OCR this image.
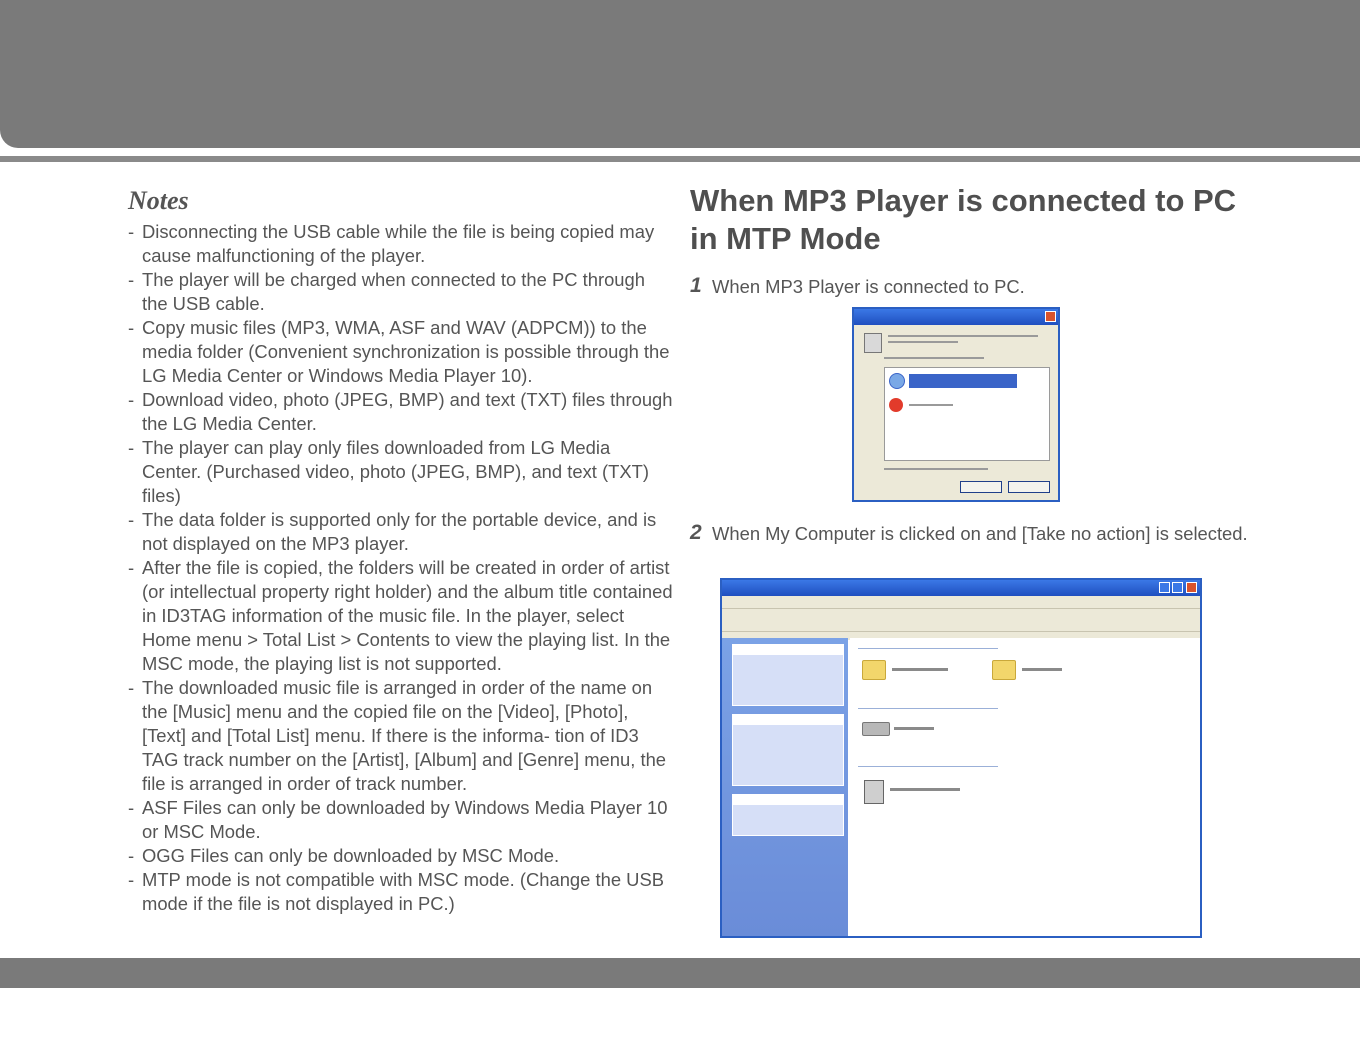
Notes
- Disconnecting the USB cable while the file is being copied may cause malfunctioning of the player.
- The player will be charged when connected to the PC through the USB cable.
- Copy music files (MP3, WMA, ASF and WAV (ADPCM)) to the media folder (Convenient synchronization is possible through the LG Media Center or Windows Media Player 10).
- Download video, photo (JPEG, BMP) and text (TXT) files through the LG Media Center.
- The player can play only files downloaded from LG Media Center. (Purchased video, photo (JPEG, BMP), and text (TXT) files)
- The data folder is supported only for the portable device, and is not displayed on the MP3 player.
- After the file is copied, the folders will be created in order of artist (or intellectual property right holder) and the album title contained in ID3TAG information of the music file. In the player, select Home menu > Total List > Contents to view the playing list. In the MSC mode, the playing list is not supported.
- The downloaded music file is arranged in order of the name on the [Music] menu and the copied file on the [Video], [Photo], [Text] and [Total List] menu. If there is the informa- tion of ID3 TAG track number on the [Artist], [Album] and [Genre] menu, the file is arranged in order of track number.
- ASF Files can only be downloaded by Windows Media Player 10 or MSC Mode.
- OGG Files can only be downloaded by MSC Mode.
- MTP mode is not compatible with MSC mode. (Change the USB mode if the file is not displayed in PC.)
When MP3 Player is connected to PC in MTP Mode
1 When MP3 Player is connected to PC.
2 When My Computer is clicked on and [Take no action] is selected.
